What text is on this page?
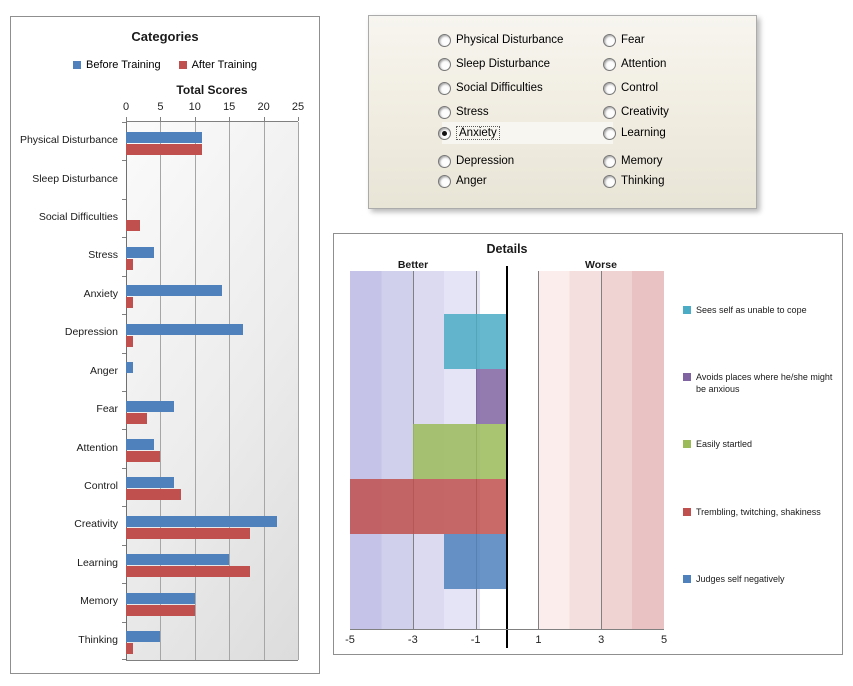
Categories
Before Training	After Training
Total Scores
0	5 10 15 20 25
Physical Disturbance
Sleep Disturbance
Social Difficulties
Stress
Anxiety
Depression
Anger
Fear
Attention
Control
Creativity
Learning
Memory
Thinking
Physical Disturbance
Sleep Disturbance
Social Difficulties
Stress
Anxiety
Depression
Anger
Fear
Attention
Control
Creativity
Learning
Memory
Thinking
Details
Better	Worse
-5	-3	-1	1	3	5
Sees self as unable to cope
Avoids places where he/she might be anxious
Easily startled
Trembling, twitching, shakiness
Judges self negatively
